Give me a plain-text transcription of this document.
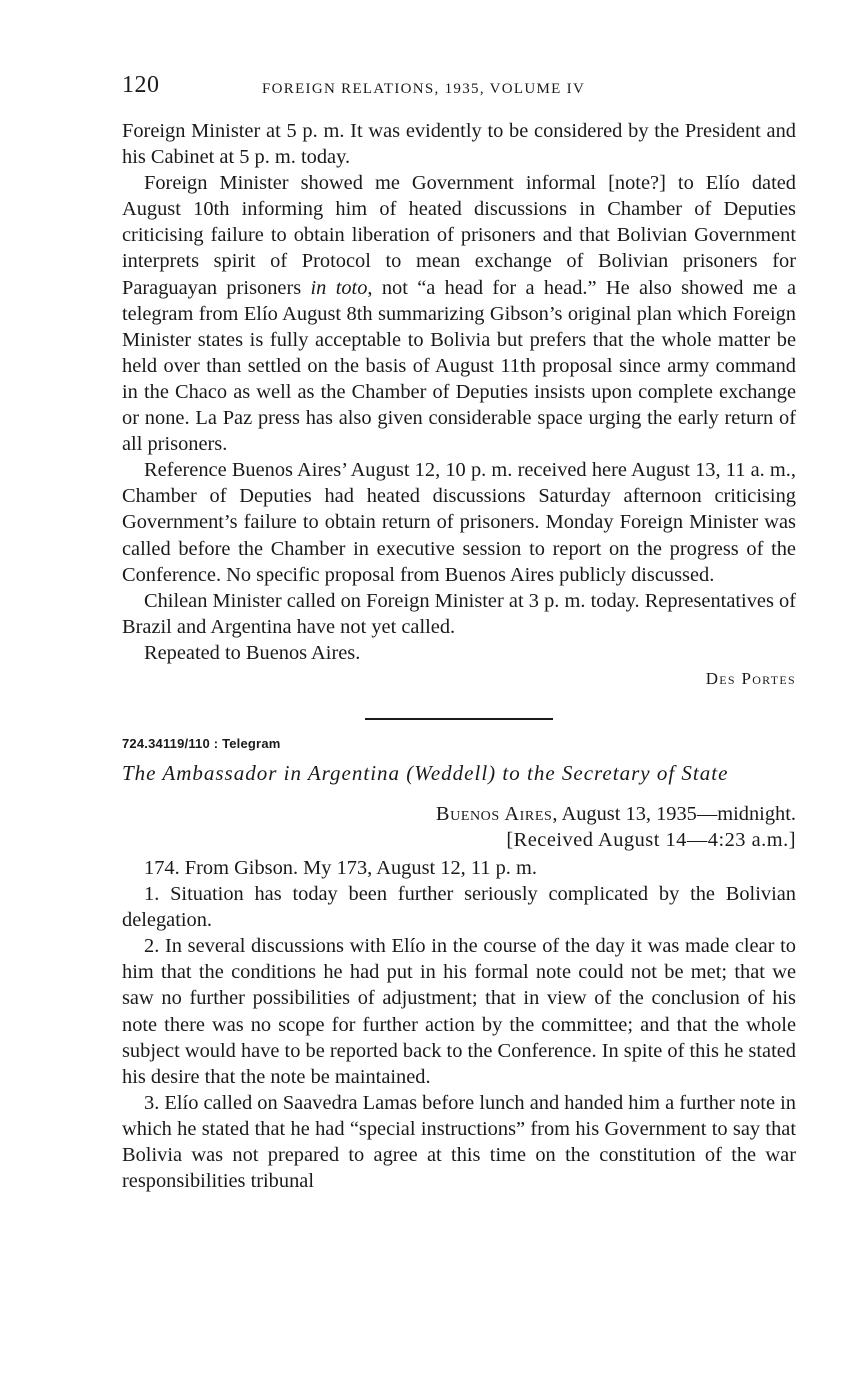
120	FOREIGN RELATIONS, 1935, VOLUME IV

Foreign Minister at 5 p. m. It was evidently to be considered by the President and his Cabinet at 5 p. m. today.

Foreign Minister showed me Government informal [note?] to Elío dated August 10th informing him of heated discussions in Chamber of Deputies criticising failure to obtain liberation of prisoners and that Bolivian Government interprets spirit of Protocol to mean exchange of Bolivian prisoners for Paraguayan prisoners in toto, not “a head for a head.” He also showed me a telegram from Elío August 8th summarizing Gibson’s original plan which Foreign Minister states is fully acceptable to Bolivia but prefers that the whole matter be held over than settled on the basis of August 11th proposal since army command in the Chaco as well as the Chamber of Deputies insists upon complete exchange or none. La Paz press has also given considerable space urging the early return of all prisoners.

Reference Buenos Aires’ August 12, 10 p. m. received here August 13, 11 a. m., Chamber of Deputies had heated discussions Saturday afternoon criticising Government’s failure to obtain return of prisoners. Monday Foreign Minister was called before the Chamber in executive session to report on the progress of the Conference. No specific proposal from Buenos Aires publicly discussed.

Chilean Minister called on Foreign Minister at 3 p. m. today. Representatives of Brazil and Argentina have not yet called.

Repeated to Buenos Aires.

Des Portes
724.34119/110 : Telegram
The Ambassador in Argentina (Weddell) to the Secretary of State
Buenos Aires, August 13, 1935—midnight.
[Received August 14—4:23 a.m.]

174. From Gibson. My 173, August 12, 11 p. m.

1. Situation has today been further seriously complicated by the Bolivian delegation.

2. In several discussions with Elío in the course of the day it was made clear to him that the conditions he had put in his formal note could not be met; that we saw no further possibilities of adjustment; that in view of the conclusion of his note there was no scope for further action by the committee; and that the whole subject would have to be reported back to the Conference. In spite of this he stated his desire that the note be maintained.

3. Elío called on Saavedra Lamas before lunch and handed him a further note in which he stated that he had “special instructions” from his Government to say that Bolivia was not prepared to agree at this time on the constitution of the war responsibilities tribunal
